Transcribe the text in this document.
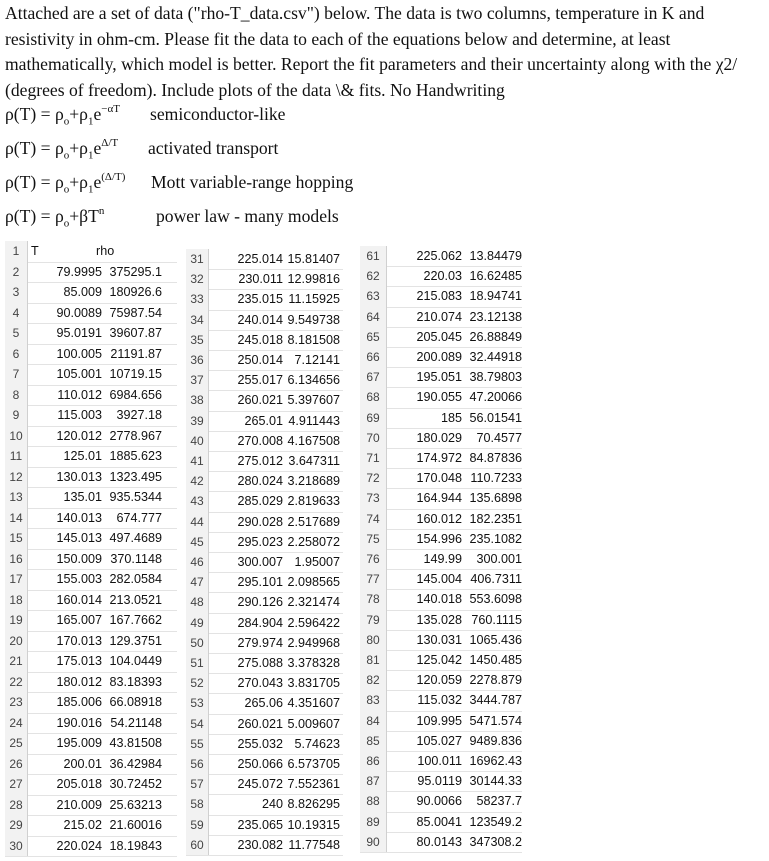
Attached are a set of data ("rho-T_data.csv") below. The data is two columns, temperature in K and resistivity in ohm-cm. Please fit the data to each of the equations below and determine, at least mathematically, which model is better. Report the fit parameters and their uncertainty along with the χ2/ (degrees of freedom). Include plots of the data \& fits. No Handwriting
$\rho(T) = \rho_o+\rho_1e^{-\alpha T}$ semiconductor-like
$\rho(T) = \rho_o+\rho_1e^{\Delta/T}$ activated transport
$\rho(T) = \rho_o+\rho_1e^{(\Delta/T)}$ Mott variable-range hopping
$\rho(T) = \rho_o+\beta T^n$	power law - many models
1 T	rho
2	79.9995 375295.1
3	85.009 180926.6
4	90.0089 75987.54
5	95.0191 39607.87
6	100.005 21191.87
7	105.001 10719.15
8	110.012 6984.656
9	115.003 3927.18
10	120.012 2778.967
11	125.01 1885.623
12	130.013 1323.495
13	135.01 935.5344
14	140.013 674.777
15	145.013 497.4689
16	150.009 370.1148
17	155.003 282.0584
18	160.014 213.0521
19	165.007 167.7662
20	170.013 129.3751
21	175.013 104.0449
22	180.012 83.18393
23	185.006 66.08918
24	190.016 54.21148
25	195.009 43.81508
26	200.01 36.42984
27	205.018 30.72452
28	210.009 25.63213
29	215.02 21.60016
30	220.024 18.19843
31	225.014 15.81407
32	230.011 12.99816
33	235.015 11.15925
34	240.014 9.549738
35	245.018 8.181508
36	250.014 7.12141
37	255.017 6.134656
38	260.021 5.397607
39	265.01 4.911443
40	270.008 4.167508
41	275.012 3.647311
42	280.024 3.218689
43	285.029 2.819633
44	290.028 2.517689
45	295.023 2.258072
46	300.007 1.95007
47	295.101 2.098565
48	290.126 2.321474
49	284.904 2.596422
50	279.974 2.949968
51	275.088 3.378328
52	270.043 3.831705
53	265.06 4.351607
54	260.021 5.009607
55	255.032 5.74623
56	250.066 6.573705
57	245.072 7.552361
58	240 8.826295
59	235.065 10.19315
60	230.082 11.77548
61	225.062 13.84479
62	220.03 16.62485
63	215.083 18.94741
64	210.074 23.12138
65	205.045 26.88849
66	200.089 32.44918
67	195.051 38.79803
68	190.055 47.20066
69	185 56.01541
70	180.029 70.4577
71	174.972 84.87836
72	170.048 110.7233
73	164.944 135.6898
74	160.012 182.2351
75	154.996 235.1082
76	149.99 300.001
77	145.004 406.7311
78	140.018 553.6098
79	135.028 760.1115
80	130.031 1065.436
81	125.042 1450.485
82	120.059 2278.879
83	115.032 3444.787
84	109.995 5471.574
85	105.027 9489.836
86	100.011 16962.43
87	95.0119 30144.33
88	90.0066 58237.7
89	85.0041 123549.2
90	80.0143 347308.2
